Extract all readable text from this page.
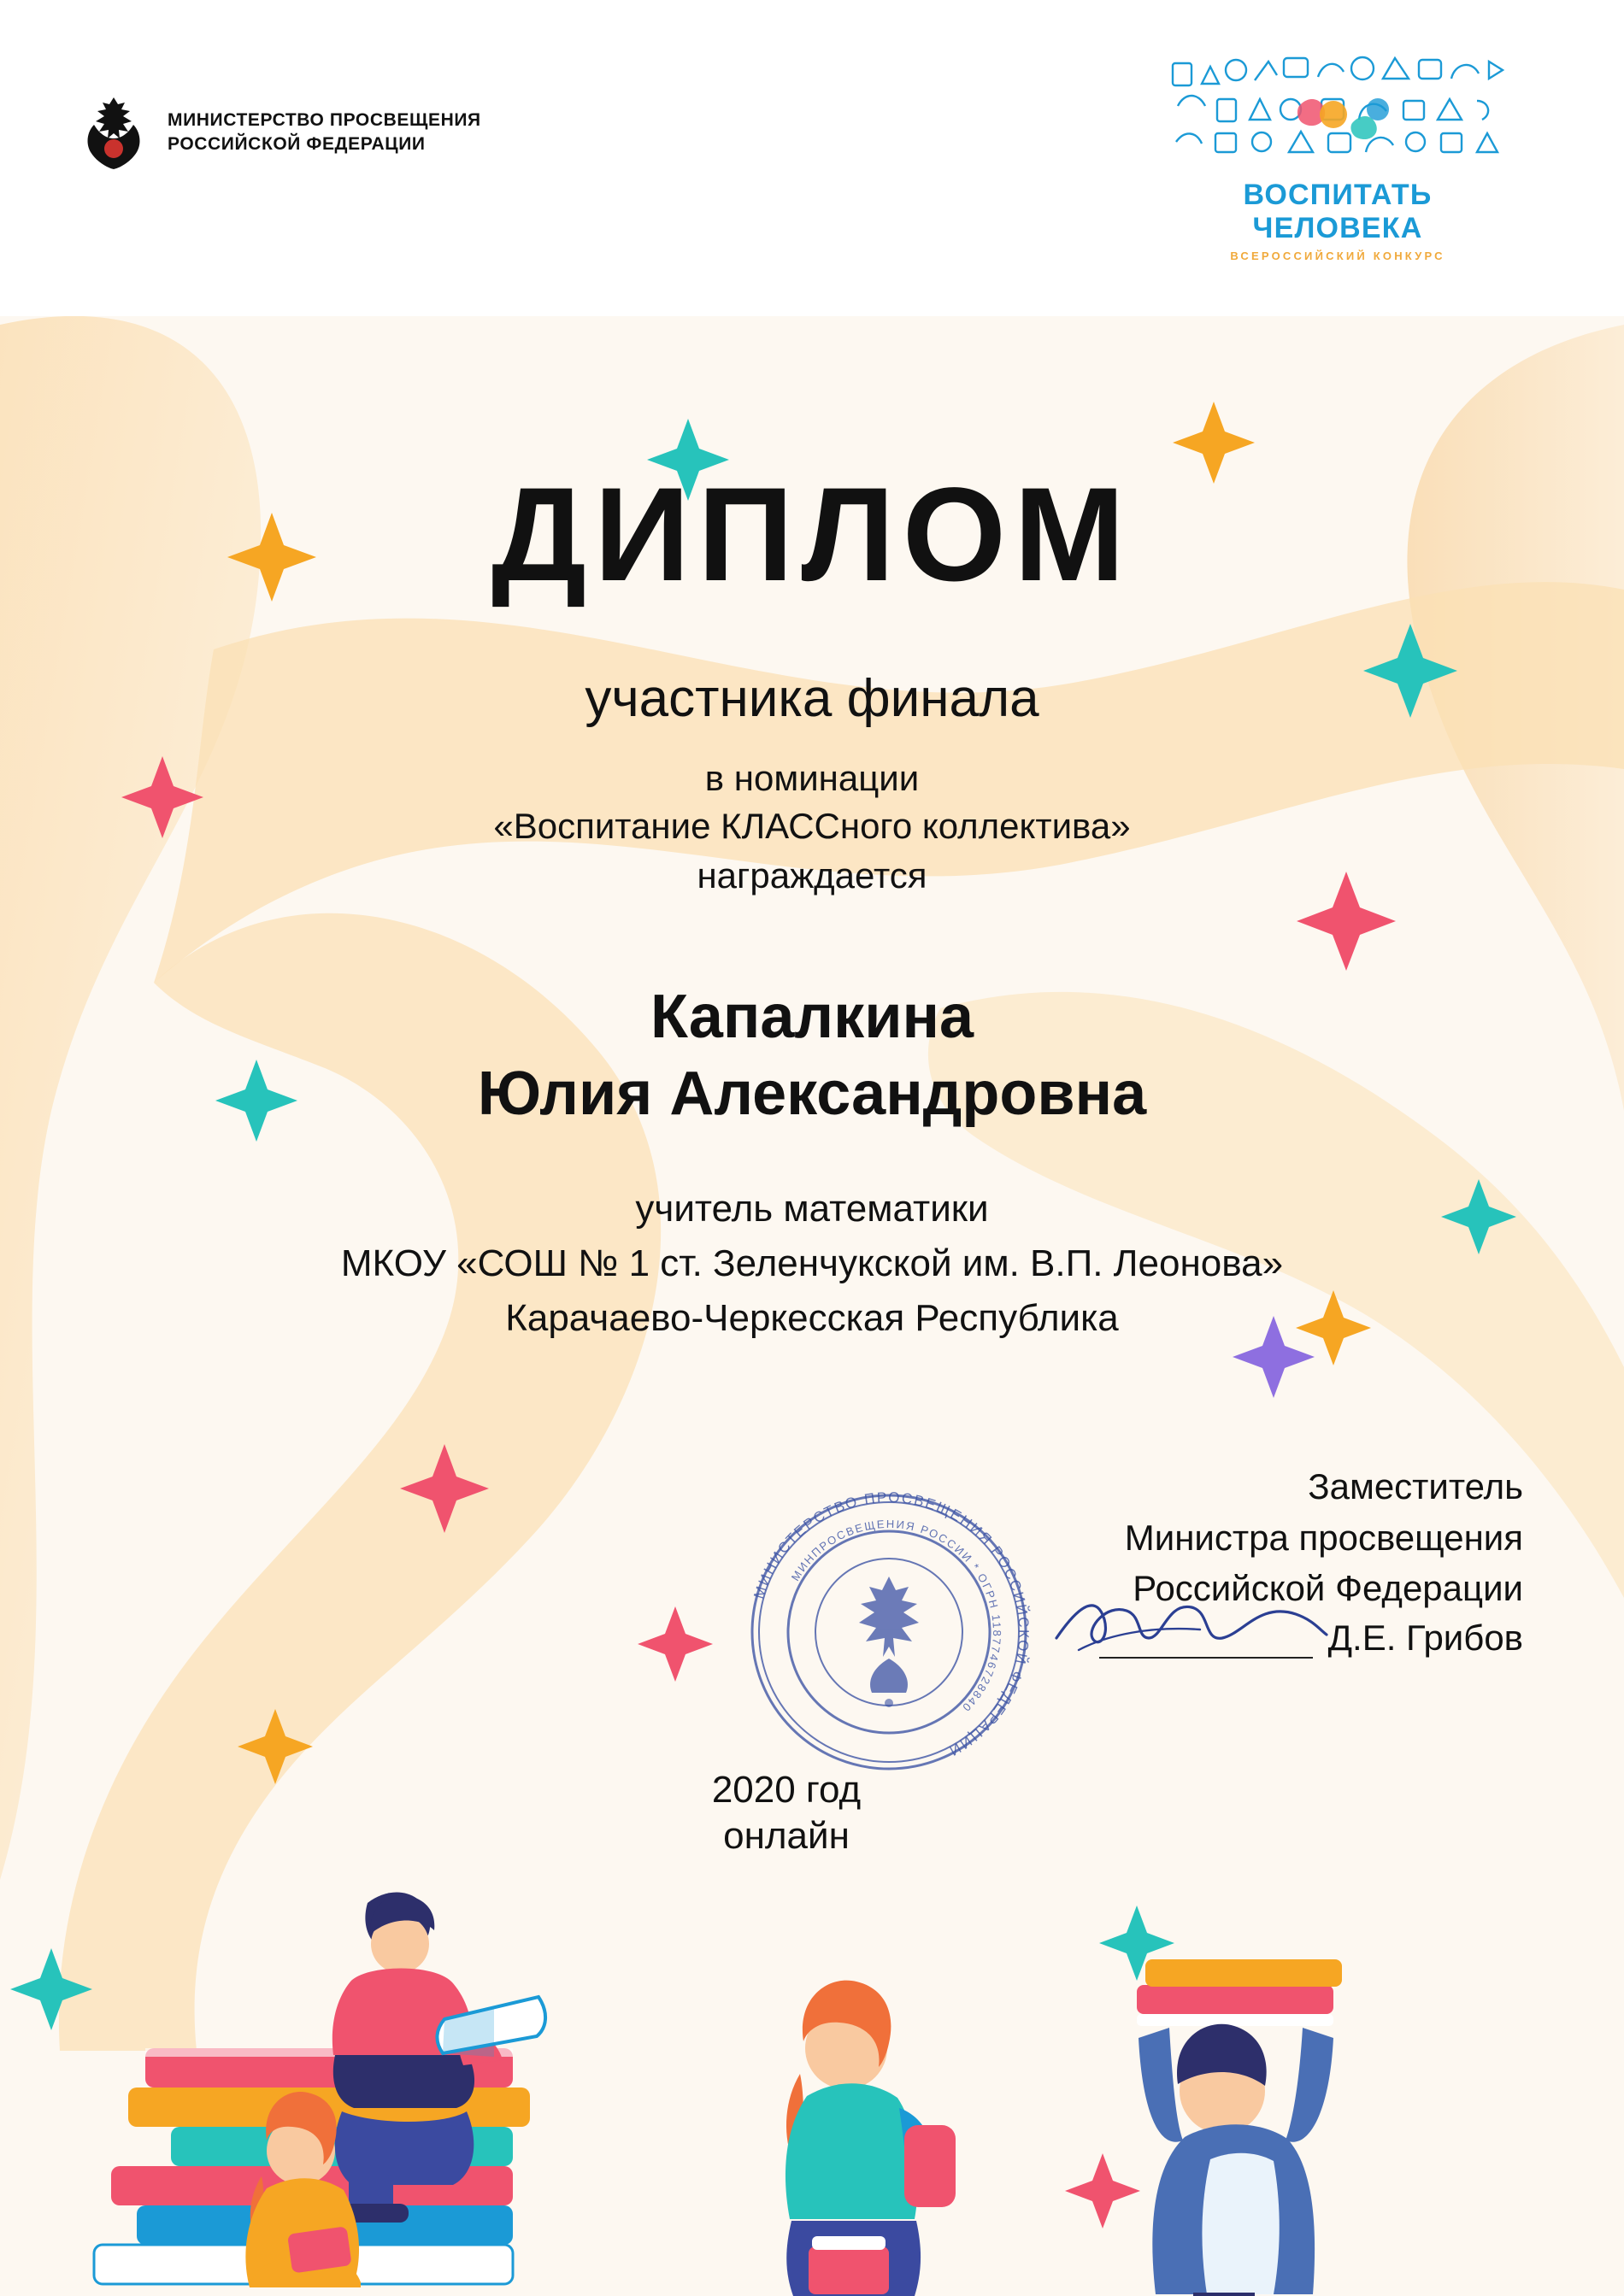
МИНИСТЕРСТВО ПРОСВЕЩЕНИЯ
РОССИЙСКОЙ ФЕДЕРАЦИИ
ВОСПИТАТЬ ЧЕЛОВЕКА
ВСЕРОССИЙСКИЙ КОНКУРС
ДИПЛОМ
участника финала
в номинации
«Воспитание КЛАССного коллектива»
награждается
Капалкина
Юлия Александровна
учитель математики
МКОУ «СОШ № 1 ст. Зеленчукской им. В.П. Леонова»
Карачаево-Черкесская Республика
МИНИСТЕРСТВО ПРОСВЕЩЕНИЯ РОССИЙСКОЙ ФЕДЕРАЦИИ
МИНПРОСВЕЩЕНИЯ РОССИИ * ОГРН 1187746728840
2020 год
онлайн
Заместитель
Министра просвещения
Российской Федерации
Д.Е. Грибов
